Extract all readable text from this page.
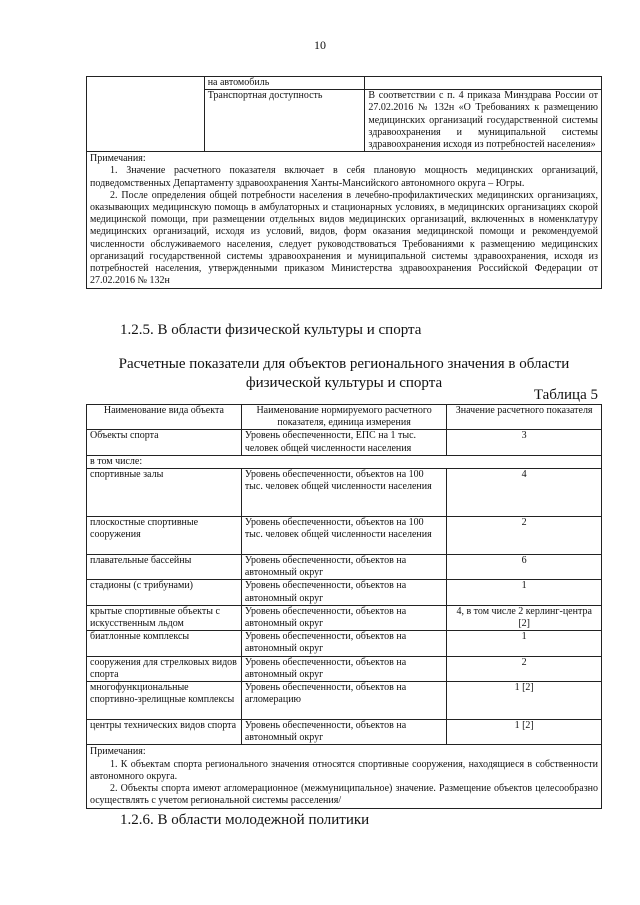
10
	на автомобиль	
	Транспортная доступность	В соответствии с п. 4 приказа Минздрава России от 27.02.2016 № 132н «О Требованиях к размещению медицинских организаций государственной системы здравоохранения и муниципальной системы здравоохранения исходя из потребностей населения»

Примечания:
1. Значение расчетного показателя включает в себя плановую мощность медицинских организаций, подведомственных Департаменту здравоохранения Ханты-Мансийского автономного округа – Югры.
2. После определения общей потребности населения в лечебно-профилактических медицинских организациях, оказывающих медицинскую помощь в амбулаторных и стационарных условиях, в медицинских организациях скорой медицинской помощи, при размещении отдельных видов медицинских организаций, включенных в номенклатуру медицинских организаций, исходя из условий, видов, форм оказания медицинской помощи и рекомендуемой численности обслуживаемого населения, следует руководствоваться Требованиями к размещению медицинских организаций государственной системы здравоохранения и муниципальной системы здравоохранения, исходя из потребностей населения, утвержденными приказом Министерства здравоохранения Российской Федерации от 27.02.2016 № 132н		
1.2.5. В области физической культуры и спорта
Расчетные показатели для объектов регионального значения в области
физической культуры и спорта
Таблица 5
Наименование вида объекта	Наименование нормируемого расчетного показателя, единица измерения	Значение расчетного показателя
Объекты спорта	Уровень обеспеченности, ЕПС на 1 тыс. человек общей численности населения	3
в том числе:		
спортивные залы	Уровень обеспеченности, объектов на 100 тыс. человек общей численности населения	4
плоскостные спортивные сооружения	Уровень обеспеченности, объектов на 100 тыс. человек общей численности населения	2
плавательные бассейны	Уровень обеспеченности, объектов на автономный округ	6
стадионы (с трибунами)	Уровень обеспеченности, объектов на автономный округ	1
крытые спортивные объекты с искусственным льдом	Уровень обеспеченности, объектов на автономный округ	4, в том числе 2 керлинг-центра [2]
биатлонные комплексы	Уровень обеспеченности, объектов на автономный округ	1
сооружения для стрелковых видов спорта	Уровень обеспеченности, объектов на автономный округ	2
многофункциональные спортивно-зрелищные комплексы	Уровень обеспеченности, объектов на агломерацию	1 [2]
центры технических видов спорта	Уровень обеспеченности, объектов на автономный округ	1 [2]

Примечания:
1. К объектам спорта регионального значения относятся спортивные сооружения, находящиеся в собственности автономного округа.
2. Объекты спорта имеют агломерационное (межмуниципальное) значение. Размещение объектов целесообразно осуществлять с учетом региональной системы расселения/		
1.2.6. В области молодежной политики
